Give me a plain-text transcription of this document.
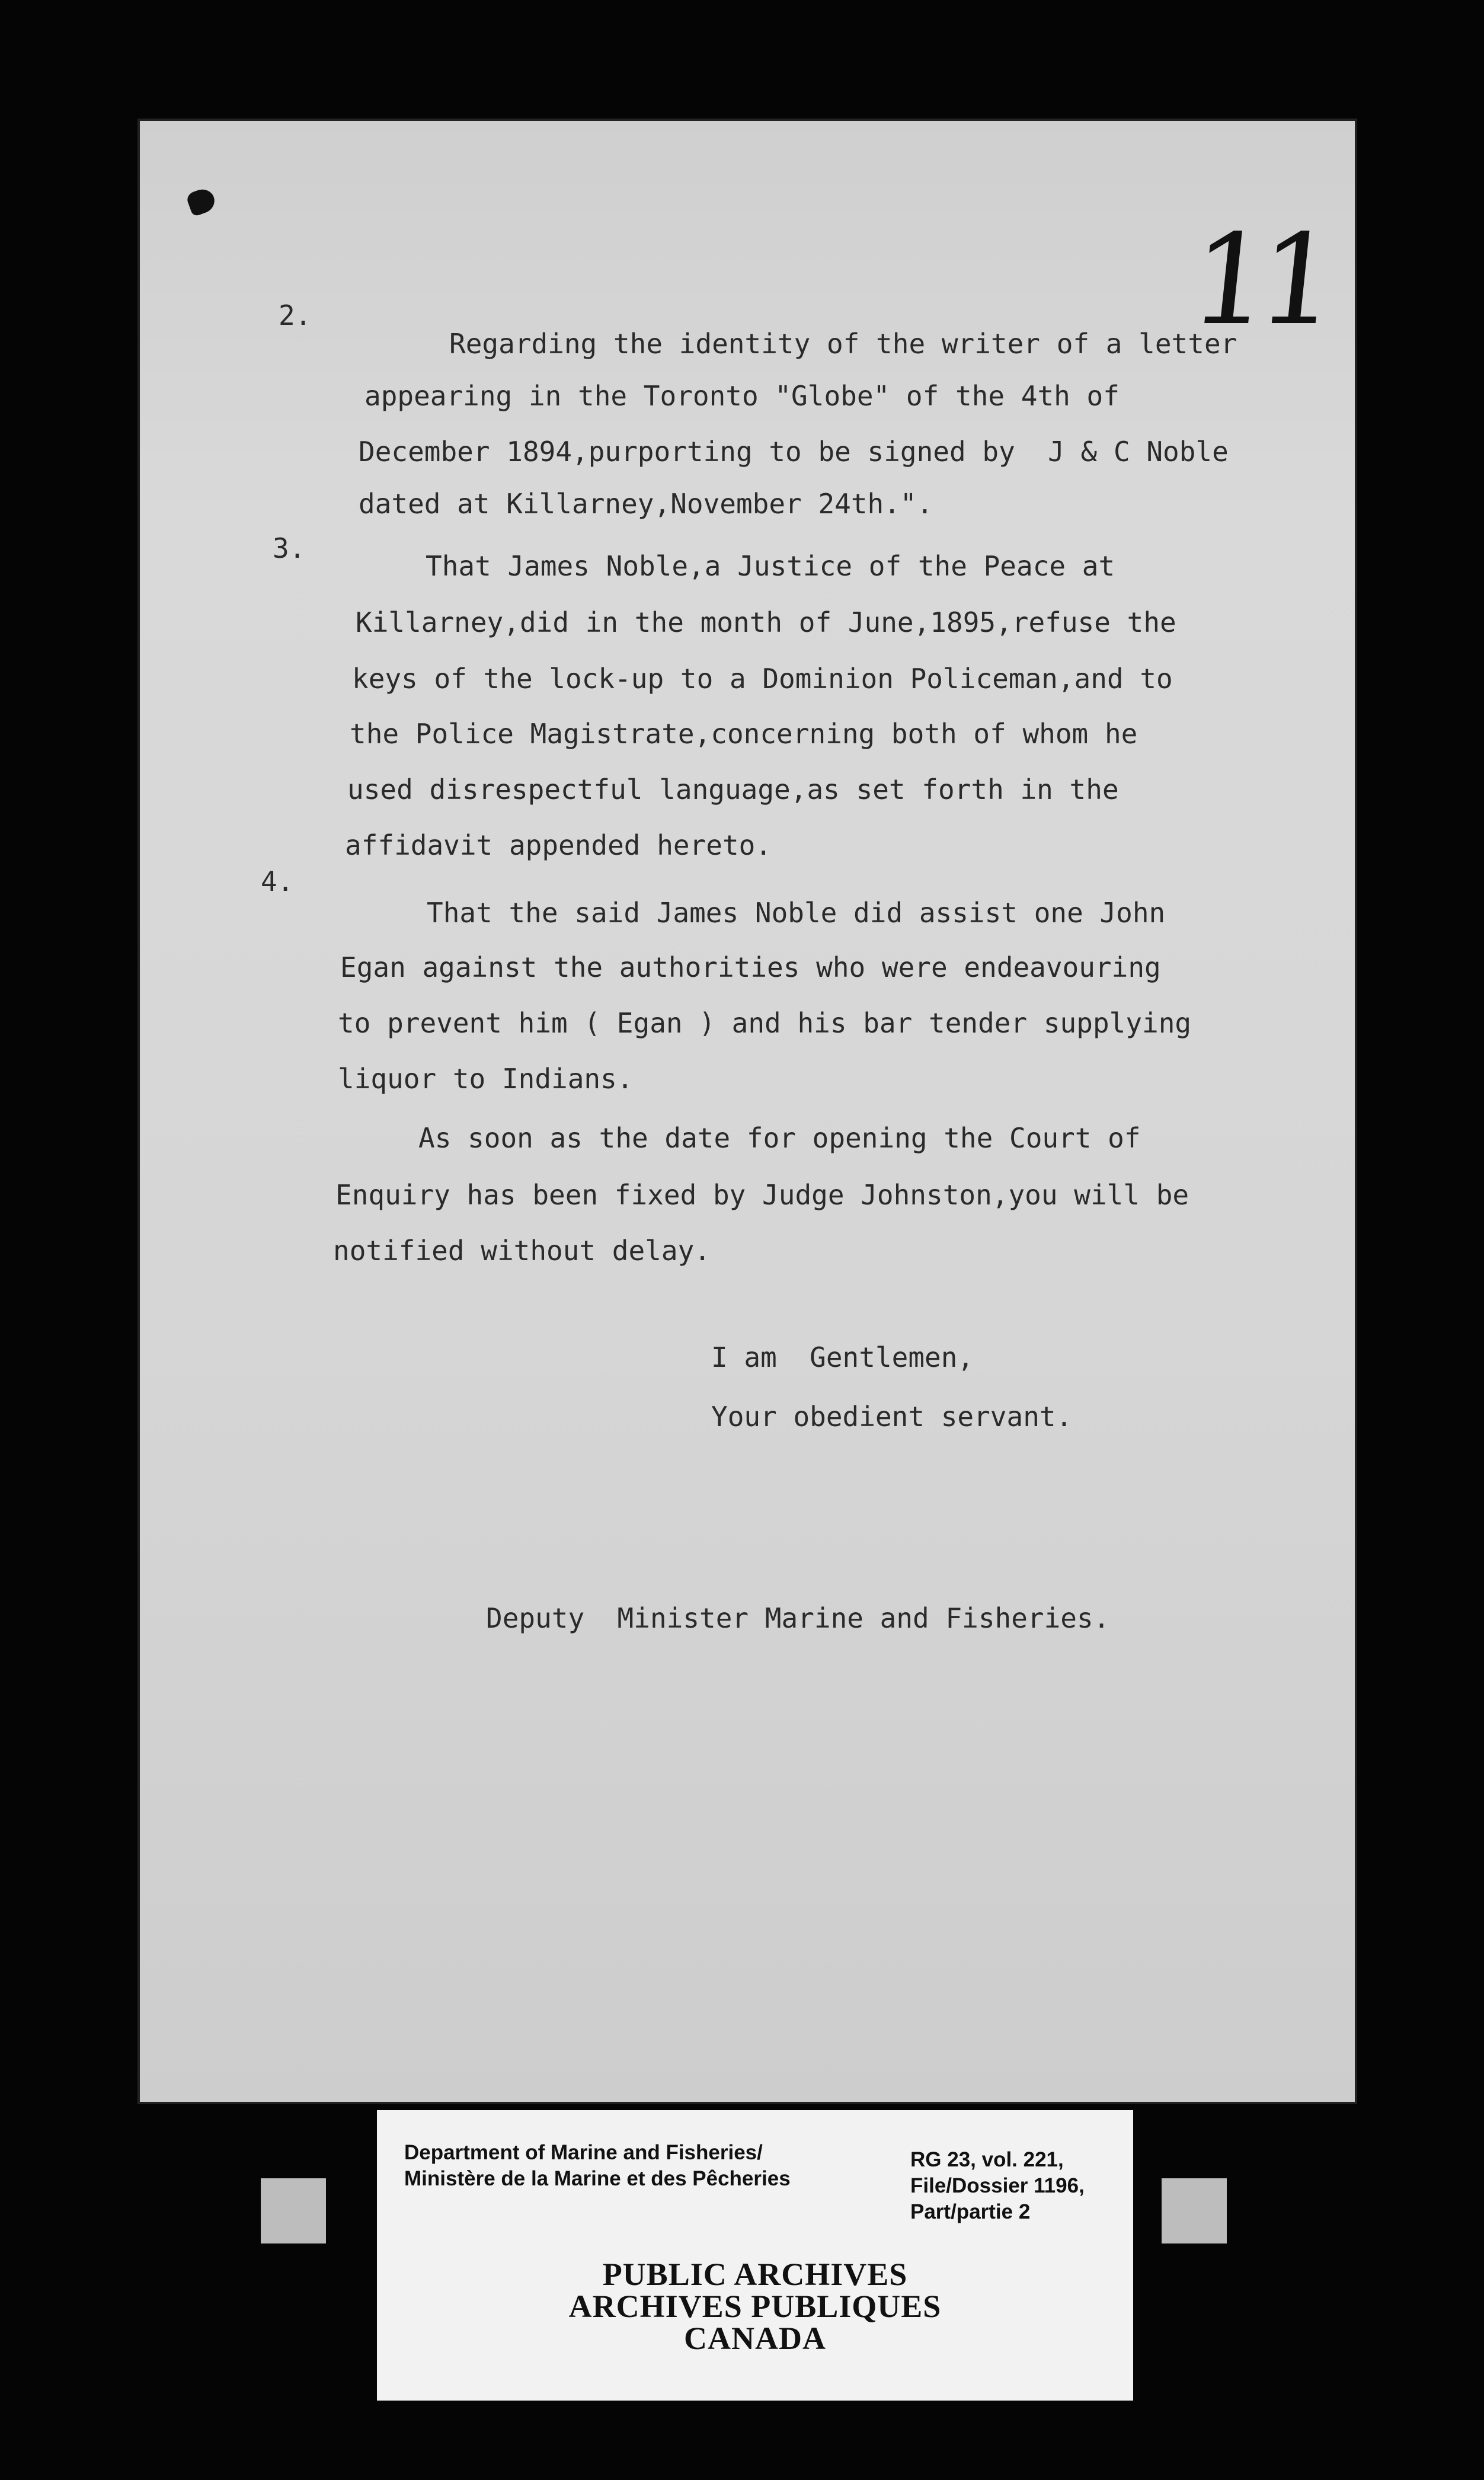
11
2.
Regarding the identity of the writer of a letter
appearing in the Toronto "Globe" of the 4th of
December 1894,purporting to be signed by  J & C Noble
dated at Killarney,November 24th.".
3.
That James Noble,a Justice of the Peace at
Killarney,did in the month of June,1895,refuse the
keys of the lock-up to a Dominion Policeman,and to
the Police Magistrate,concerning both of whom he
used disrespectful language,as set forth in the
affidavit appended hereto.
4.
That the said James Noble did assist one John
Egan against the authorities who were endeavouring
to prevent him ( Egan ) and his bar tender supplying
liquor to Indians.
As soon as the date for opening the Court of
Enquiry has been fixed by Judge Johnston,you will be
notified without delay.
I am  Gentlemen,
Your obedient servant.
Deputy  Minister Marine and Fisheries.
Department of Marine and Fisheries/
Ministère de la Marine et des Pêcheries
RG 23, vol. 221,
File/Dossier 1196,
Part/partie 2
PUBLIC ARCHIVES
ARCHIVES PUBLIQUES
CANADA
